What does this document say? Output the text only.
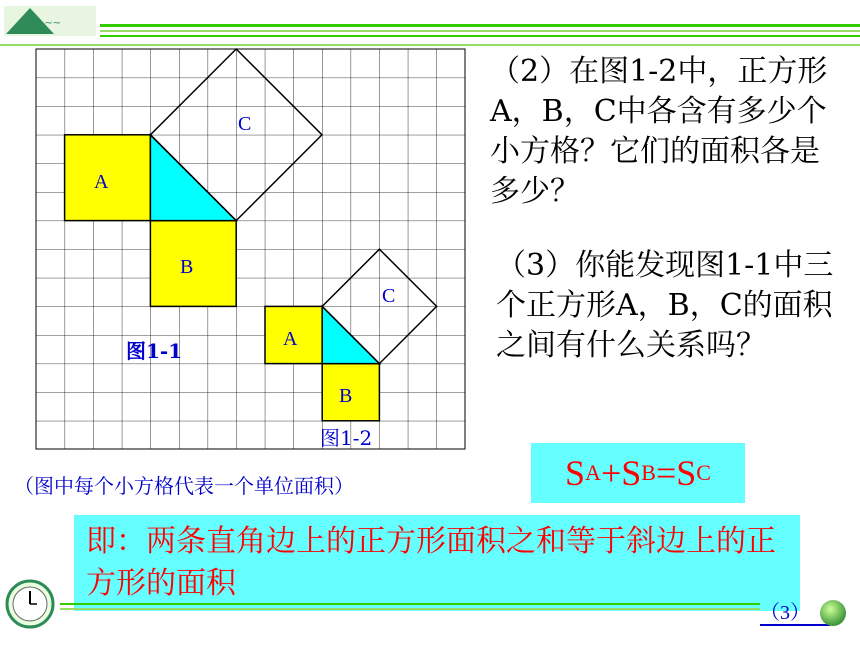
~~~
A
B
C
图1-1	A
B
C
图1-2
（2）在图1-2中，正方形A，B，C中各含有多少个小方格？它们的面积各是多少？
（3）你能发现图1-1中三个正方形A，B，C的面积之间有什么关系吗？
（图中每个小方格代表一个单位面积）	S A +S B =S C
即：两条直角边上的正方形面积之和等于斜边上的正方形的面积
（3）
